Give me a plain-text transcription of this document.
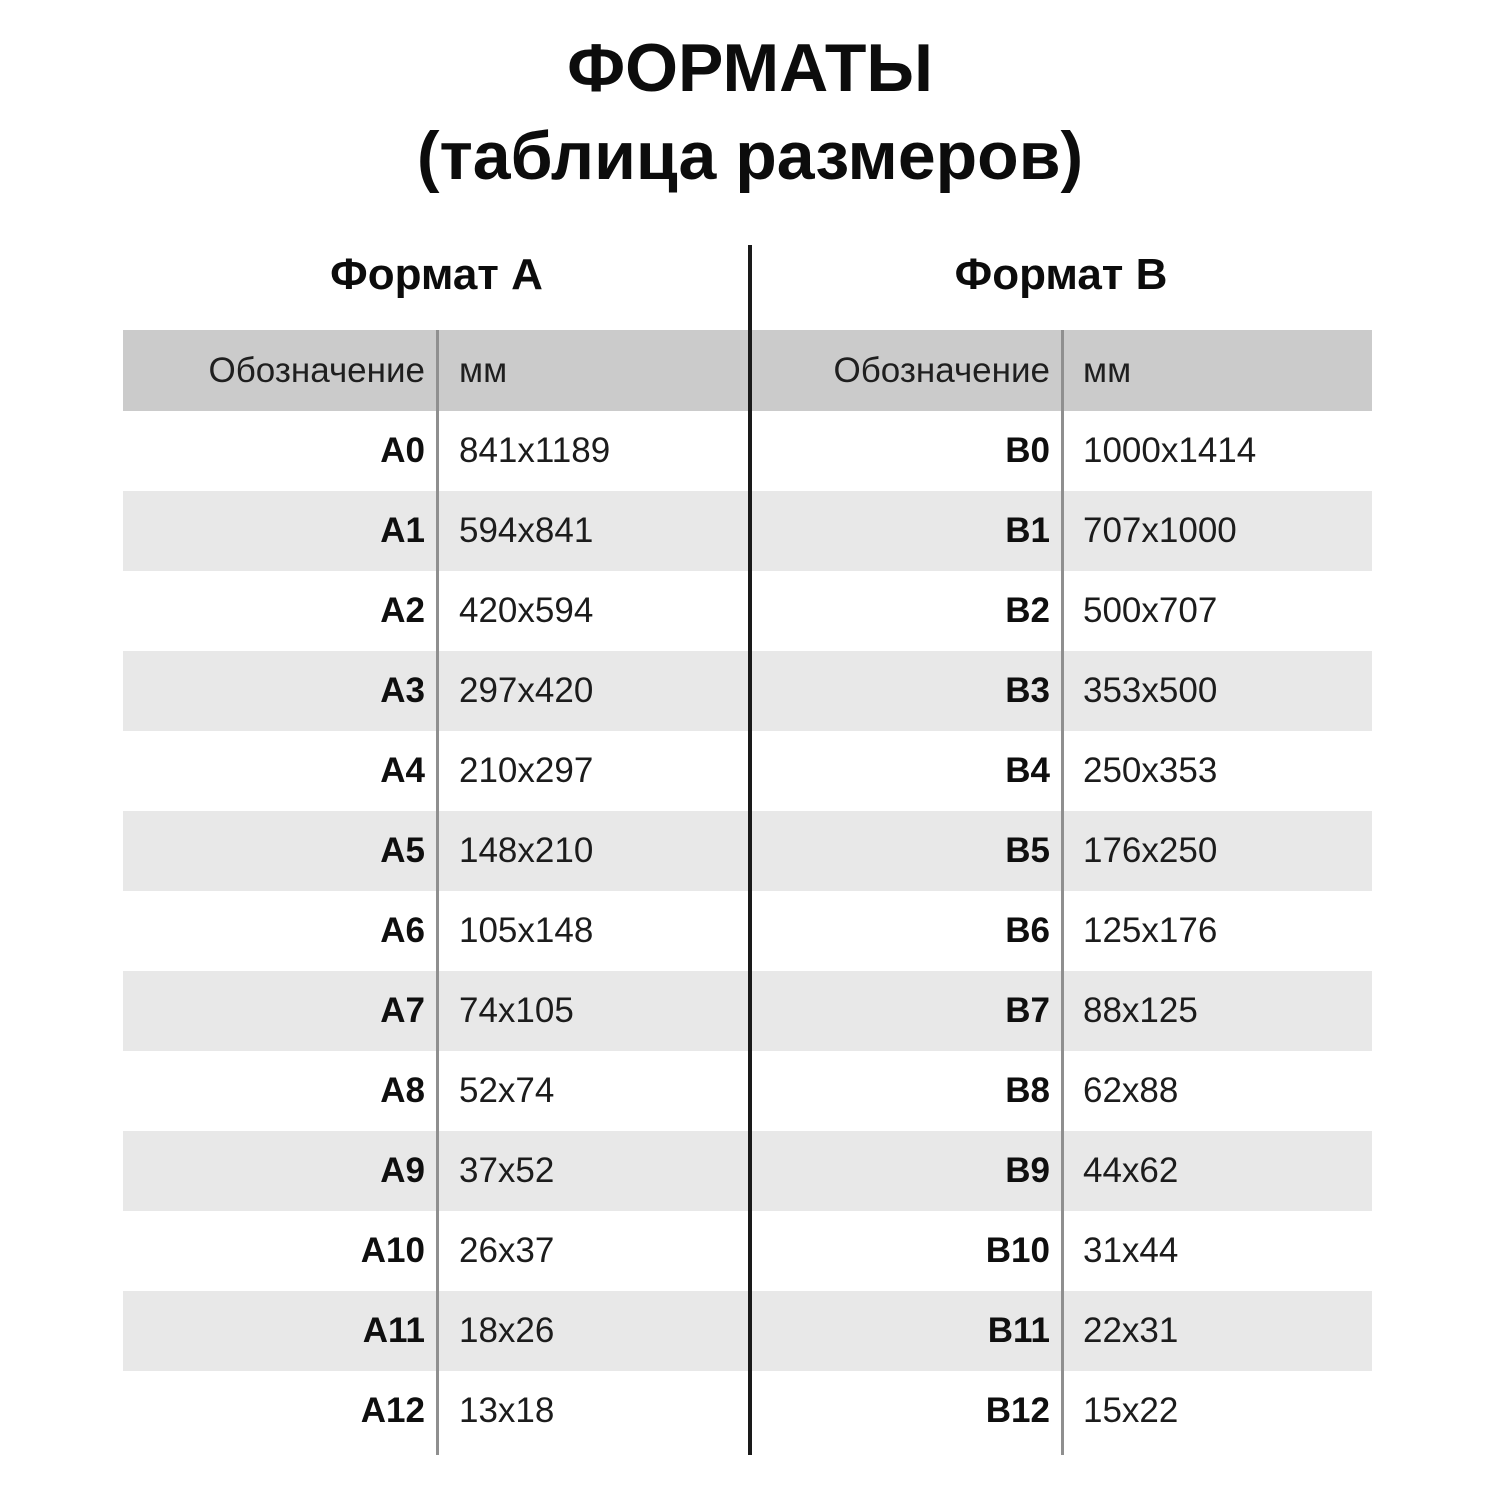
ФОРМАТЫ
(таблица размеров)
Формат А	Формат B
Обозначение мм	Обозначение мм
A0 841x1189	B0 1000x1414
A1 594x841	B1 707x1000
A2 420x594	B2 500x707
A3 297x420	B3 353x500
A4 210x297	B4 250x353
A5 148x210	B5 176x250
A6 105x148	B6 125x176
A7 74x105	B7 88x125
A8 52x74	B8 62x88
A9 37x52	B9 44x62
A10 26x37	B10 31x44
A11 18x26	B11 22x31
A12 13x18	B12 15x22
